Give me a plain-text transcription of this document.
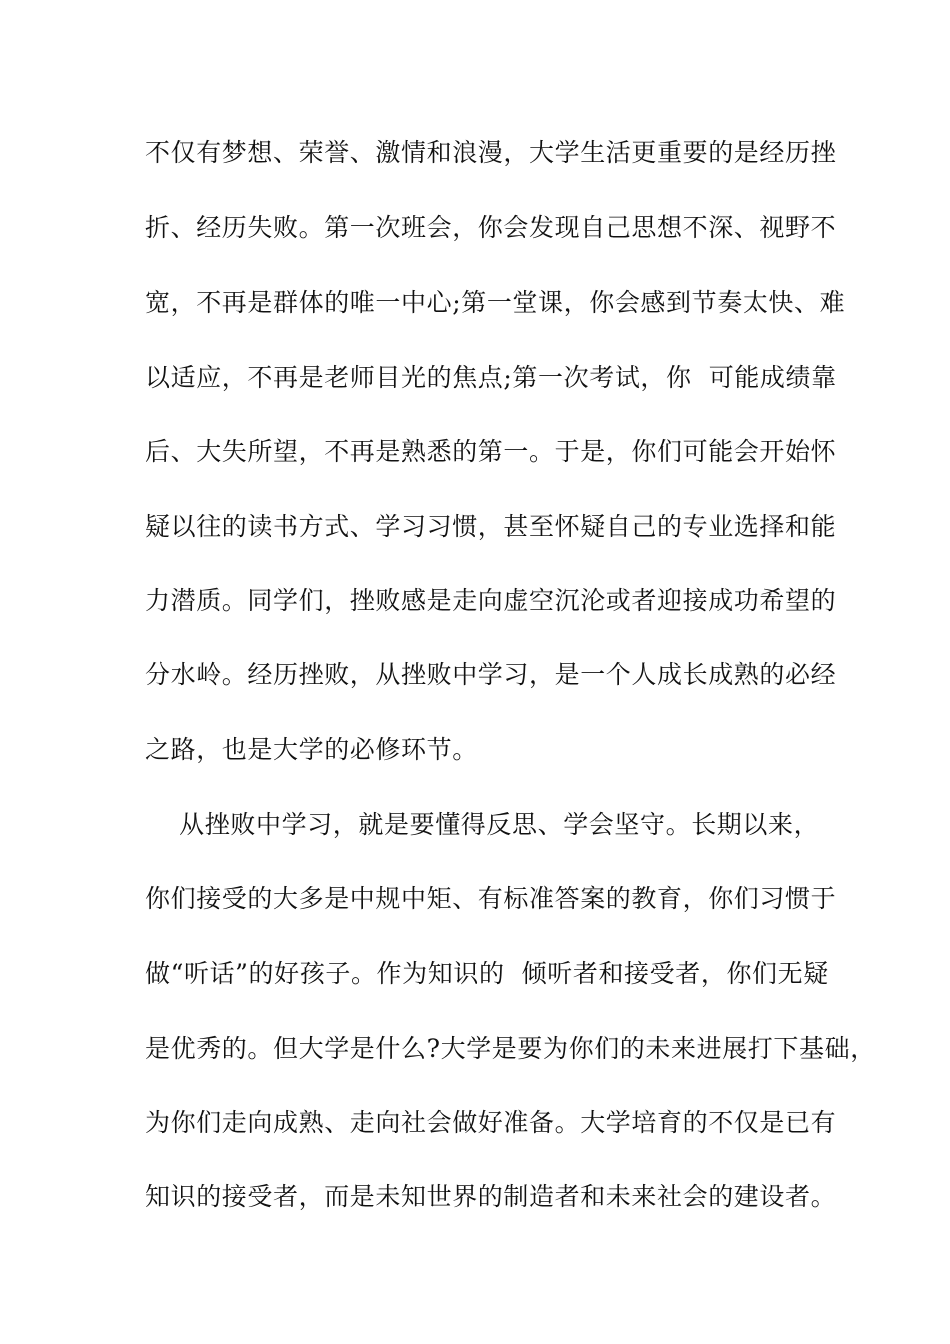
不仅有梦想、荣誉、激情和浪漫，大学生活更重要的是经历挫
折、经历失败。第一次班会，你会发现自己思想不深、视野不
宽，不再是群体的唯一中心;第一堂课，你会感到节奏太快、难
以适应，不再是老师目光的焦点;第一次考试，你  可能成绩靠
后、大失所望，不再是熟悉的第一。于是，你们可能会开始怀
疑以往的读书方式、学习习惯，甚至怀疑自己的专业选择和能
力潜质。同学们，挫败感是走向虚空沉沦或者迎接成功希望的
分水岭。经历挫败，从挫败中学习，是一个人成长成熟的必经
之路，也是大学的必修环节。
从挫败中学习，就是要懂得反思、学会坚守。长期以来，
你们接受的大多是中规中矩、有标准答案的教育，你们习惯于
做“听话”的好孩子。作为知识的  倾听者和接受者，你们无疑
是优秀的。但大学是什么?大学是要为你们的未来进展打下基础，
为你们走向成熟、走向社会做好准备。大学培育的不仅是已有
知识的接受者，而是未知世界的制造者和未来社会的建设者。
